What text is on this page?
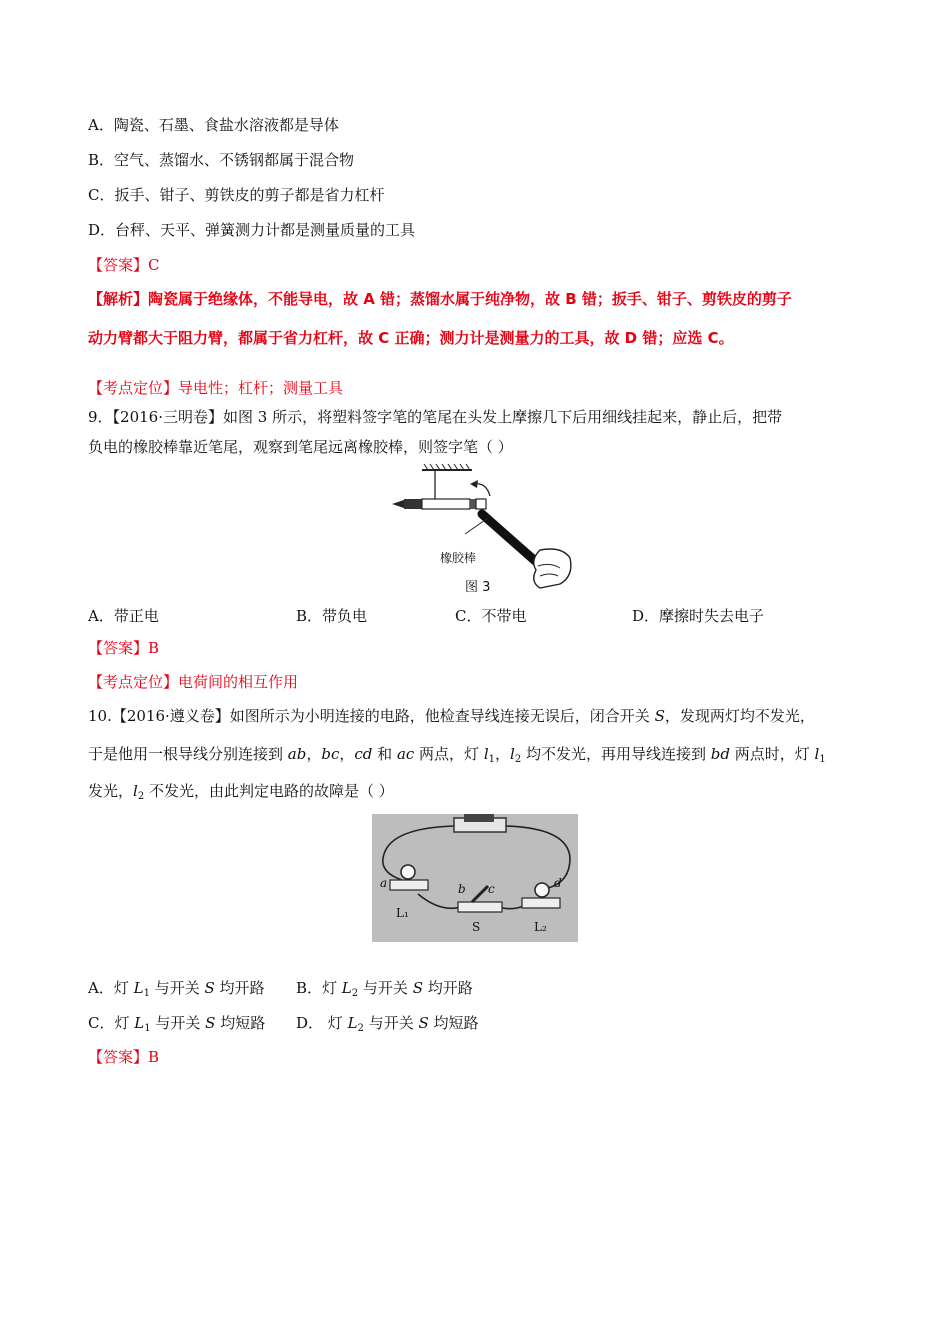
A．陶瓷、石墨、食盐水溶液都是导体
B．空气、蒸馏水、不锈钢都属于混合物
C．扳手、钳子、剪铁皮的剪子都是省力杠杆
D．台秤、天平、弹簧测力计都是测量质量的工具
【答案】C
【解析】陶瓷属于绝缘体，不能导电，故 A 错；蒸馏水属于纯净物，故 B 错；扳手、钳子、剪铁皮的剪子
动力臂都大于阻力臂，都属于省力杠杆，故 C 正确；测力计是测量力的工具，故 D 错；应选 C。
【考点定位】导电性；杠杆；测量工具
9．【2016·三明卷】如图 3 所示，将塑料签字笔的笔尾在头发上摩擦几下后用细线挂起来，静止后，把带
负电的橡胶棒靠近笔尾，观察到笔尾远离橡胶棒，则签字笔（ ）
橡胶棒
图 3
A．带正电	B．带负电	C．不带电	D．摩擦时失去电子
【答案】B
【考点定位】电荷间的相互作用
10.【2016·遵义卷】如图所示为小明连接的电路，他检查导线连接无误后，闭合开关 S，发现两灯均不发光，
于是他用一根导线分别连接到 ab，bc，cd 和 ac 两点，灯 $l_1$，$l_2$ 均不发光，再用导线连接到 bd 两点时，灯 $l_1$
发光，$l_2$ 不发光，由此判定电路的故障是（ ）
a	b c	d
L₁
S	L₂
A．灯 $L_1$ 与开关 S 均开路 B．灯 $L_2$ 与开关 S 均开路
C．灯 $L_1$ 与开关 S 均短路 D． 灯 $L_2$ 与开关 S 均短路
【答案】B
